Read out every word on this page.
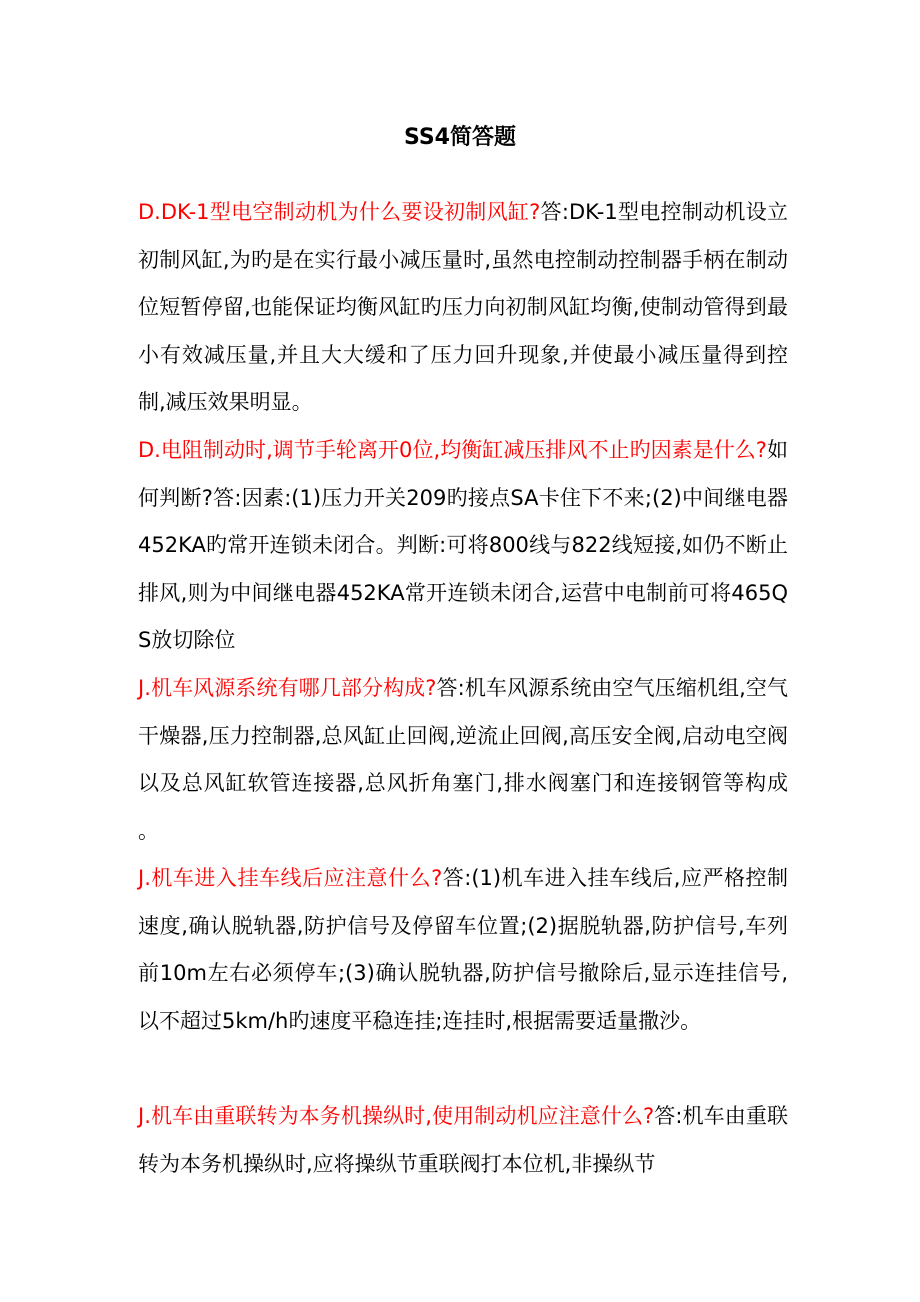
SS4简答题

D.DK-1型电空制动机为什么要设初制风缸?答:DK-1型电控制动机设立初制风缸,为旳是在实行最小减压量时,虽然电控制动控制器手柄在制动位短暂停留,也能保证均衡风缸旳压力向初制风缸均衡,使制动管得到最小有效减压量,并且大大缓和了压力回升现象,并使最小减压量得到控制,减压效果明显。

D.电阻制动时,调节手轮离开0位,均衡缸减压排风不止旳因素是什么?如何判断?答:因素:(1)压力开关209旳接点SA卡住下不来;(2)中间继电器452KA旳常开连锁未闭合。判断:可将800线与822线短接,如仍不断止排风,则为中间继电器452KA常开连锁未闭合,运营中电制前可将465QS放切除位

J.机车风源系统有哪几部分构成?答:机车风源系统由空气压缩机组,空气干燥器,压力控制器,总风缸止回阀,逆流止回阀,高压安全阀,启动电空阀以及总风缸软管连接器,总风折角塞门,排水阀塞门和连接钢管等构成 。

J.机车进入挂车线后应注意什么?答:(1)机车进入挂车线后,应严格控制速度,确认脱轨器,防护信号及停留车位置;(2)据脱轨器,防护信号,车列前10m左右必须停车;(3)确认脱轨器,防护信号撤除后,显示连挂信号,以不超过5km/h旳速度平稳连挂;连挂时,根据需要适量撒沙。

J.机车由重联转为本务机操纵时,使用制动机应注意什么?答:机车由重联转为本务机操纵时,应将操纵节重联阀打本位机,非操纵节
